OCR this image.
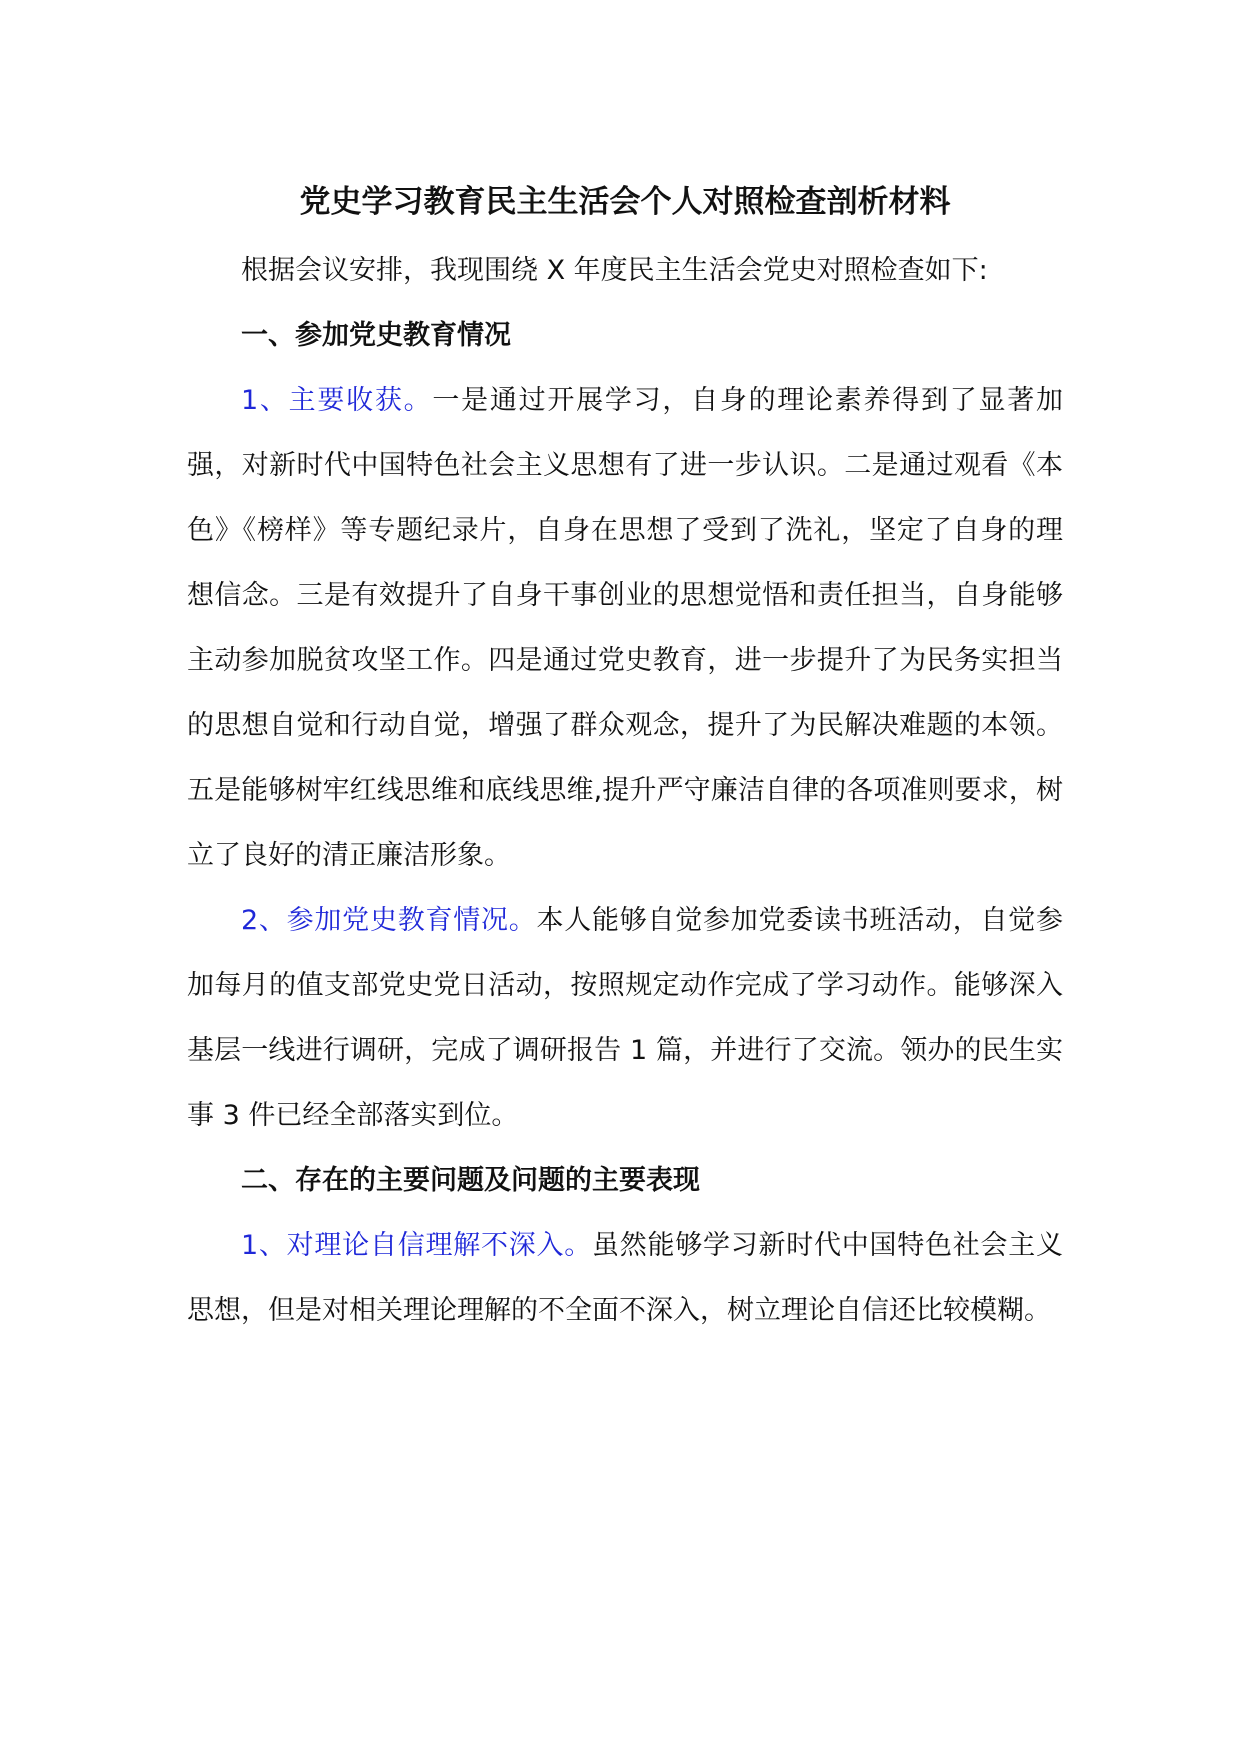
党史学习教育民主生活会个人对照检查剖析材料

根据会议安排，我现围绕 X 年度民主生活会党史对照检查如下:

一、参加党史教育情况

1、主要收获。一是通过开展学习，自身的理论素养得到了显著加强，对新时代中国特色社会主义思想有了进一步认识。二是通过观看《本色》《榜样》等专题纪录片，自身在思想了受到了洗礼，坚定了自身的理想信念。三是有效提升了自身干事创业的思想觉悟和责任担当，自身能够主动参加脱贫攻坚工作。四是通过党史教育，进一步提升了为民务实担当的思想自觉和行动自觉，增强了群众观念，提升了为民解决难题的本领。五是能够树牢红线思维和底线思维,提升严守廉洁自律的各项准则要求，树立了良好的清正廉洁形象。

2、参加党史教育情况。本人能够自觉参加党委读书班活动，自觉参加每月的值支部党史党日活动，按照规定动作完成了学习动作。能够深入基层一线进行调研，完成了调研报告 1 篇，并进行了交流。领办的民生实事 3 件已经全部落实到位。

二、存在的主要问题及问题的主要表现

1、对理论自信理解不深入。虽然能够学习新时代中国特色社会主义思想，但是对相关理论理解的不全面不深入，树立理论自信还比较模糊。
